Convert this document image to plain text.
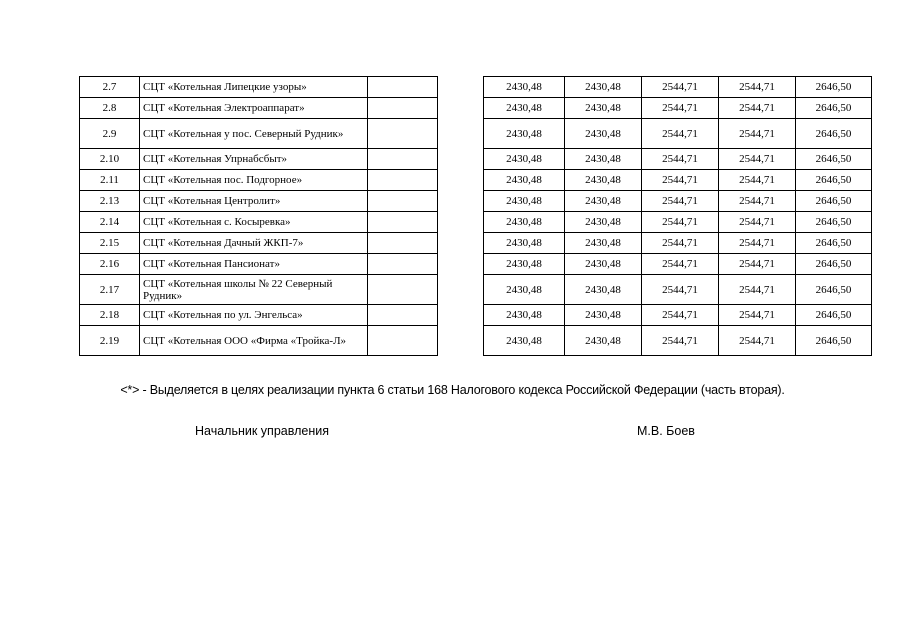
2.7	СЦТ «Котельная Липецкие узоры»			2430,48	2430,48	2544,71	2544,71	2646,50
2.8	СЦТ «Котельная Электроаппарат»			2430,48	2430,48	2544,71	2544,71	2646,50
2.9	СЦТ «Котельная у пос. Северный Рудник»			2430,48	2430,48	2544,71	2544,71	2646,50
2.10	СЦТ «Котельная Упрнабсбыт»			2430,48	2430,48	2544,71	2544,71	2646,50
2.11	СЦТ «Котельная пос. Подгорное»			2430,48	2430,48	2544,71	2544,71	2646,50
2.13	СЦТ «Котельная Центролит»			2430,48	2430,48	2544,71	2544,71	2646,50
2.14	СЦТ «Котельная с. Косыревка»			2430,48	2430,48	2544,71	2544,71	2646,50
2.15	СЦТ «Котельная Дачный ЖКП-7»			2430,48	2430,48	2544,71	2544,71	2646,50
2.16	СЦТ «Котельная Пансионат»			2430,48	2430,48	2544,71	2544,71	2646,50
2.17	СЦТ «Котельная школы № 22 Северный Рудник»			2430,48	2430,48	2544,71	2544,71	2646,50
2.18	СЦТ «Котельная по ул. Энгельса»			2430,48	2430,48	2544,71	2544,71	2646,50
2.19	СЦТ «Котельная ООО «Фирма «Тройка-Л»			2430,48	2430,48	2544,71	2544,71	2646,50
<*> - Выделяется в целях реализации пункта 6 статьи 168 Налогового кодекса Российской Федерации (часть вторая).
Начальник управления	М.В. Боев
